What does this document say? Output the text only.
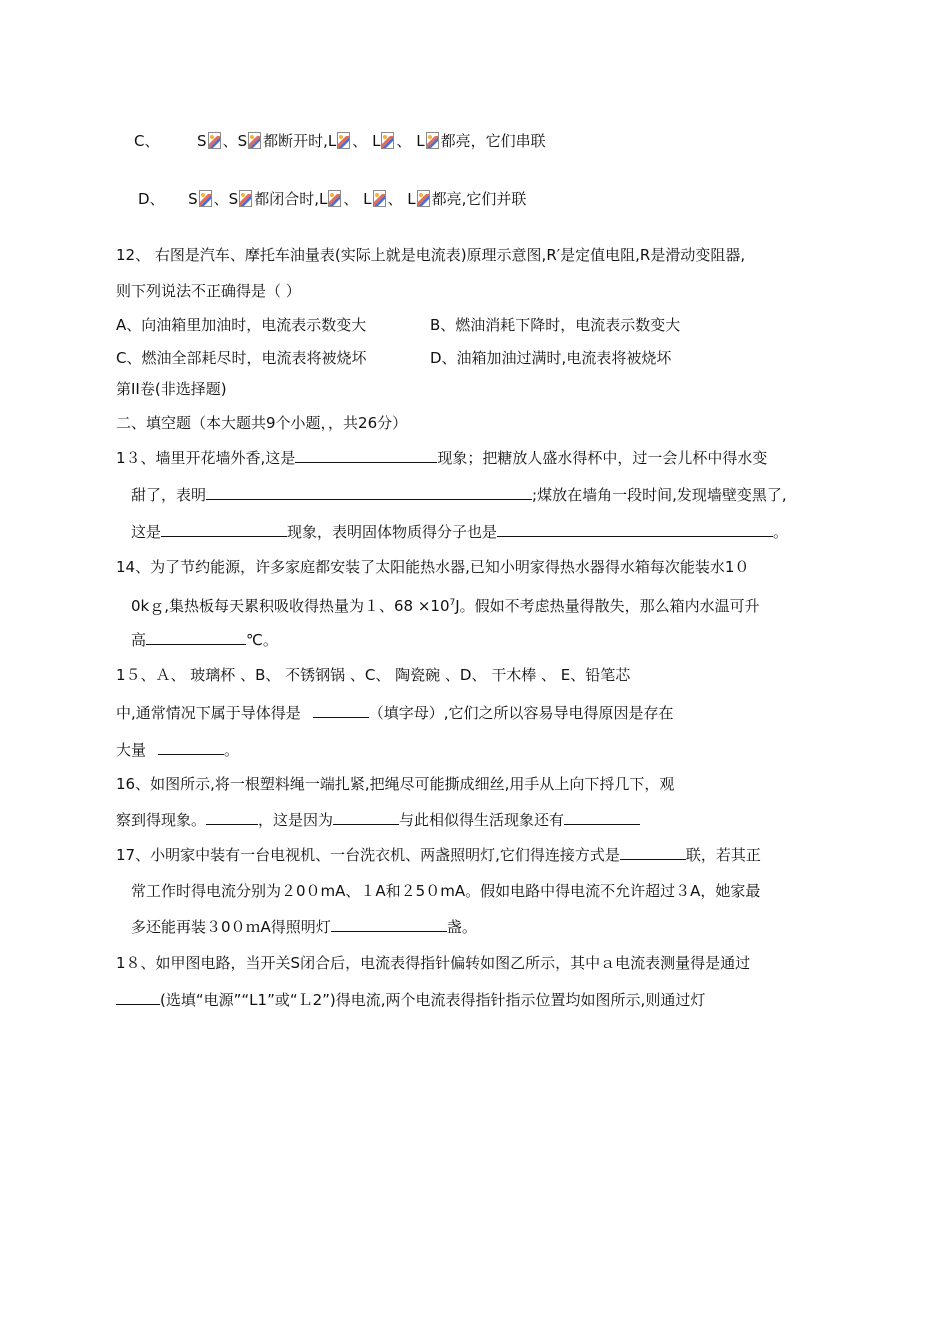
C、	S 、S 都断开时,L 、 L 、 L 都亮，它们串联
D、 S 、S 都闭合时,L 、 L 、 L 都亮,它们并联
12、 右图是汽车、摩托车油量表(实际上就是电流表)原理示意图,R′是定值电阻,R是滑动变阻器,
则下列说法不正确得是（ ）
A、向油箱里加油时，电流表示数变大	B、燃油消耗下降时，电流表示数变大
C、燃油全部耗尽时，电流表将被烧坏	D、油箱加油过满时,电流表将被烧坏
第II卷(非选择题)
二、填空题（本大题共9个小题，，共26分）
1３、墙里开花墙外香,这是	现象；把糖放人盛水得杯中，过一会儿杯中得水变
甜了，表明	;煤放在墙角一段时间,发现墙壁变黑了,
这是	现象，表明固体物质得分子也是	。
14、为了节约能源，许多家庭都安装了太阳能热水器,已知小明家得热水器得水箱每次能装水1０
0kｇ,集热板每天累积吸收得热量为１、$68 \times 10^7J$。假如不考虑热量得散失，那么箱内水温可升
高	℃。
1５、Ａ、 玻璃杯 、B、 不锈钢锅 、C、 陶瓷碗 、D、 干木棒 、 E、铅笔芯
中,通常情况下属于导体得是	（填字母）,它们之所以容易导电得原因是存在
大量	。
16、如图所示,将一根塑料绳一端扎紧,把绳尽可能撕成细丝,用手从上向下捋几下，观
察到得现象。	，这是因为	与此相似得生活现象还有
17、小明家中装有一台电视机、一台洗衣机、两盏照明灯,它们得连接方式是	联，若其正
常工作时得电流分别为２0０mA、１A和２5０mA。假如电路中得电流不允许超过３A，她家最
多还能再装３0０ｍA得照明灯	盏。
1８、如甲图电路，当开关S闭合后，电流表得指针偏转如图乙所示，其中ａ电流表测量得是通过
(选填“电源”“L1”或“Ｌ2”)得电流,两个电流表得指针指示位置均如图所示,则通过灯
